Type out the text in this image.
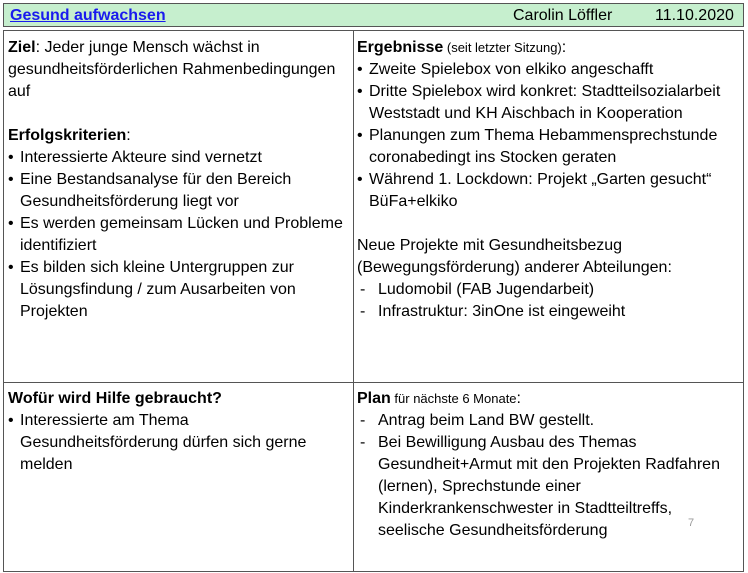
Gesund aufwachsen	Carolin Löffler	11.10.2020
Ziel: Jeder junge Mensch wächst in gesundheitsförderlichen Rahmenbedingungen auf
Erfolgskriterien:
• Interessierte Akteure sind vernetzt
• Eine Bestandsanalyse für den Bereich Gesundheitsförderung liegt vor
• Es werden gemeinsam Lücken und Probleme identifiziert
• Es bilden sich kleine Untergruppen zur Lösungsfindung / zum Ausarbeiten von Projekten
Ergebnisse (seit letzter Sitzung):
• Zweite Spielebox von elkiko angeschafft
• Dritte Spielebox wird konkret: Stadtteilsozialarbeit Weststadt und KH Aischbach in Kooperation
• Planungen zum Thema Hebammensprechstunde coronabedingt ins Stocken geraten
• Während 1. Lockdown: Projekt „Garten gesucht“ BüFa+elkiko
Neue Projekte mit Gesundheitsbezug (Bewegungsförderung) anderer Abteilungen:
- Ludomobil (FAB Jugendarbeit)
- Infrastruktur: 3inOne ist eingeweiht
Wofür wird Hilfe gebraucht?
• Interessierte am Thema Gesundheitsförderung dürfen sich gerne melden
Plan für nächste 6 Monate:
- Antrag beim Land BW gestellt.
- Bei Bewilligung Ausbau des Themas Gesundheit+Armut mit den Projekten Radfahren (lernen), Sprechstunde einer Kinderkrankenschwester in Stadtteiltreffs, seelische Gesundheitsförderung	7
